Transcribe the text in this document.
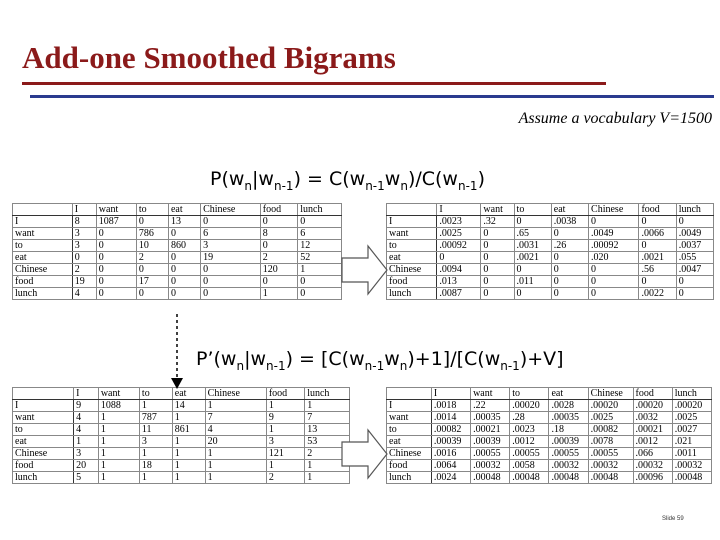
Add-one Smoothed Bigrams
Assume a vocabulary V=1500
$P(w_n|w_{n-1}) = C(w_{n-1}w_n)/C(w_{n-1})$
$P’(w_n|w_{n-1}) = [C(w_{n-1}w_n)+1]/[C(w_{n-1})+V]$
	I	want	to	eat	Chinese	food	lunch
I	8	1087	0	13	0	0	0
want	3	0	786	0	6	8	6
to	3	0	10	860	3	0	12
eat	0	0	2	0	19	2	52
Chinese	2	0	0	0	0	120	1
food	19	0	17	0	0	0	0
lunch	4	0	0	0	0	1	0
	I	want	to	eat	Chinese	food	lunch
I	.0023	.32	0	.0038	0	0	0
want	.0025	0	.65	0	.0049	.0066	.0049
to	.00092	0	.0031	.26	.00092	0	.0037
eat	0	0	.0021	0	.020	.0021	.055
Chinese	.0094	0	0	0	0	.56	.0047
food	.013	0	.011	0	0	0	0
lunch	.0087	0	0	0	0	.0022	0
	I	want	to	eat	Chinese	food	lunch
I	9	1088	1	14	1	1	1
want	4	1	787	1	7	9	7
to	4	1	11	861	4	1	13
eat	1	1	3	1	20	3	53
Chinese	3	1	1	1	1	121	2
food	20	1	18	1	1	1	1
lunch	5	1	1	1	1	2	1
	I	want	to	eat	Chinese	food	lunch
I	.0018	.22	.00020	.0028	.00020	.00020	.00020
want	.0014	.00035	.28	.00035	.0025	.0032	.0025
to	.00082	.00021	.0023	.18	.00082	.00021	.0027
eat	.00039	.00039	.0012	.00039	.0078	.0012	.021
Chinese	.0016	.00055	.00055	.00055	.00055	.066	.0011
food	.0064	.00032	.0058	.00032	.00032	.00032	.00032
lunch	.0024	.00048	.00048	.00048	.00048	.00096	.00048
Slide 59
